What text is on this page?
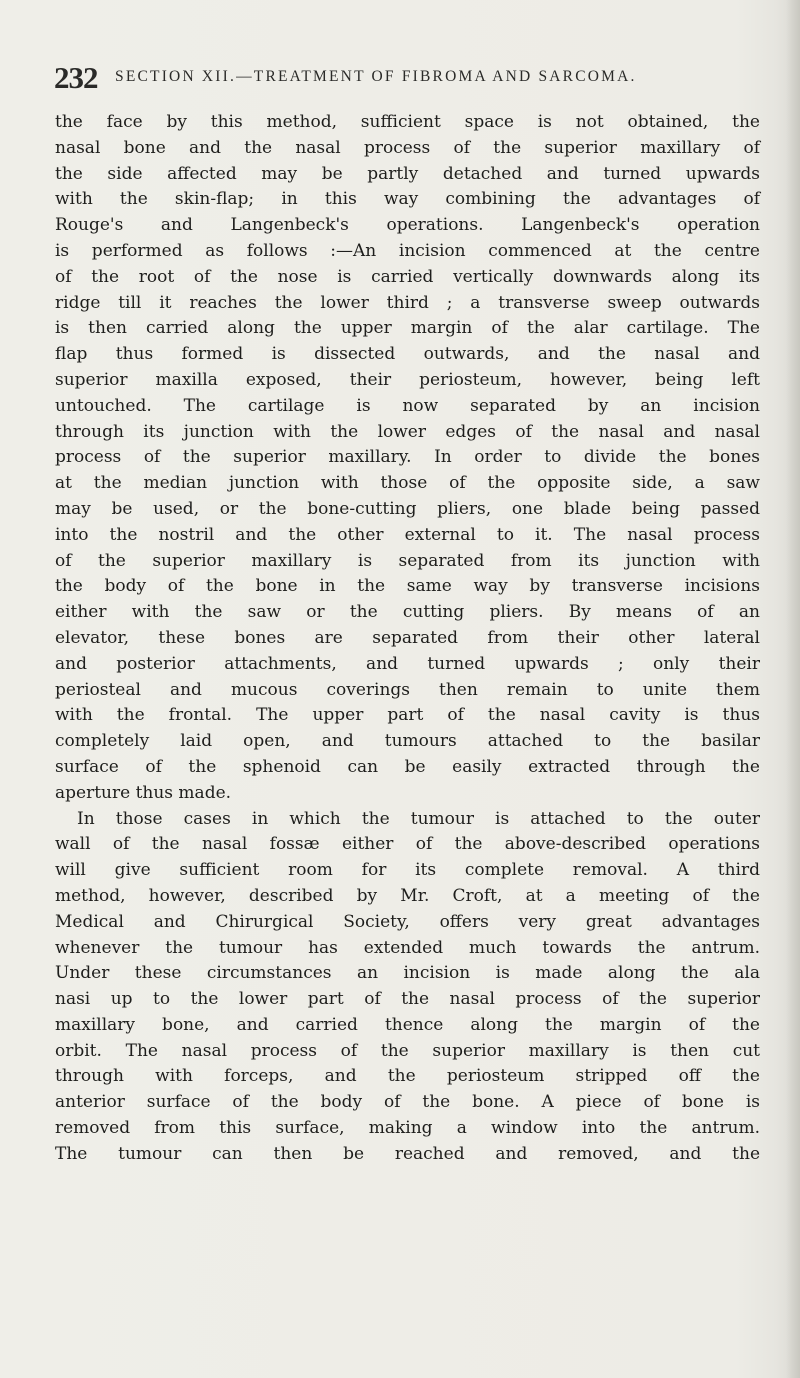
232 SECTION XII.—TREATMENT OF FIBROMA AND SARCOMA.
the face by this method, sufficient space is not obtained, the
nasal bone and the nasal process of the superior maxillary of
the side affected may be partly detached and turned upwards
with the skin-flap; in this way combining the advantages of
Rouge's and Langenbeck's operations. Langenbeck's operation
is performed as follows :—An incision commenced at the centre
of the root of the nose is carried vertically downwards along its
ridge till it reaches the lower third ; a transverse sweep outwards
is then carried along the upper margin of the alar cartilage. The
flap thus formed is dissected outwards, and the nasal and
superior maxilla exposed, their periosteum, however, being left
untouched. The cartilage is now separated by an incision
through its junction with the lower edges of the nasal and nasal
process of the superior maxillary. In order to divide the bones
at the median junction with those of the opposite side, a saw
may be used, or the bone-cutting pliers, one blade being passed
into the nostril and the other external to it. The nasal process
of the superior maxillary is separated from its junction with
the body of the bone in the same way by transverse incisions
either with the saw or the cutting pliers. By means of an
elevator, these bones are separated from their other lateral
and posterior attachments, and turned upwards ; only their
periosteal and mucous coverings then remain to unite them
with the frontal. The upper part of the nasal cavity is thus
completely laid open, and tumours attached to the basilar
surface of the sphenoid can be easily extracted through the
aperture thus made.
In those cases in which the tumour is attached to the outer
wall of the nasal fossæ either of the above-described operations
will give sufficient room for its complete removal. A third
method, however, described by Mr. Croft, at a meeting of the
Medical and Chirurgical Society, offers very great advantages
whenever the tumour has extended much towards the antrum.
Under these circumstances an incision is made along the ala
nasi up to the lower part of the nasal process of the superior
maxillary bone, and carried thence along the margin of the
orbit. The nasal process of the superior maxillary is then cut
through with forceps, and the periosteum stripped off the
anterior surface of the body of the bone. A piece of bone is
removed from this surface, making a window into the antrum.
The tumour can then be reached and removed, and the
